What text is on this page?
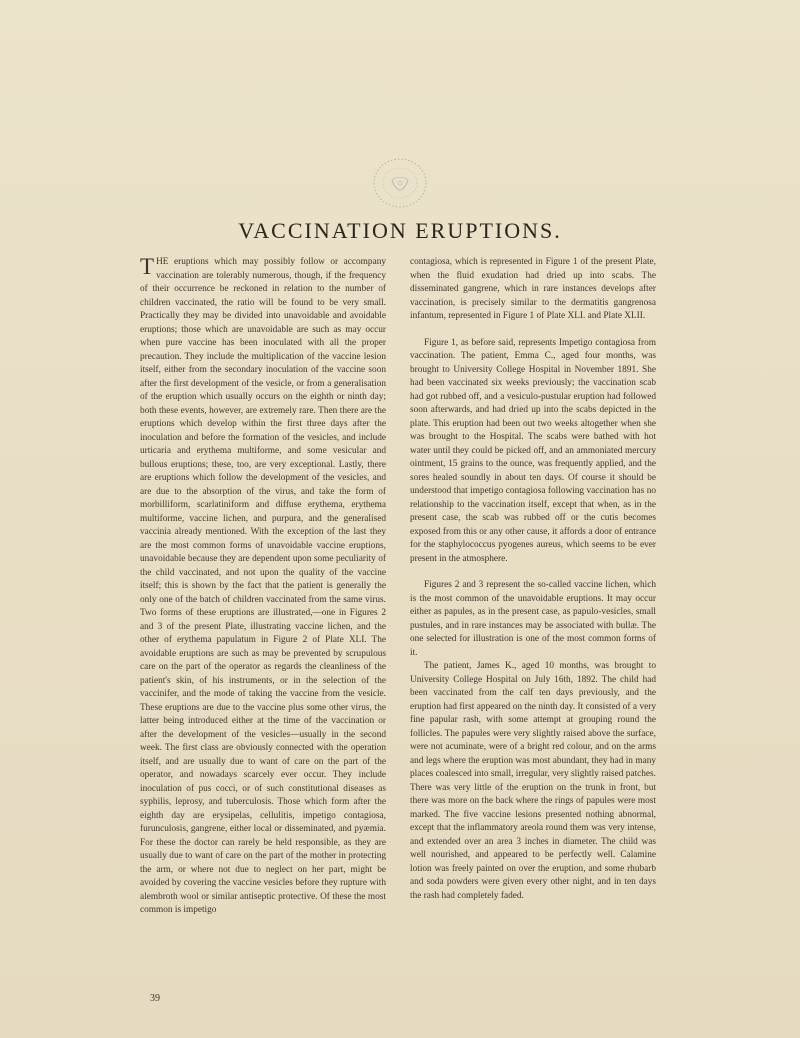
VACCINATION ERUPTIONS.

THE eruptions which may possibly follow or accompany vaccination are tolerably numerous, though, if the frequency of their occurrence be reckoned in relation to the number of children vaccinated, the ratio will be found to be very small. Practically they may be divided into unavoidable and avoidable eruptions; those which are unavoidable are such as may occur when pure vaccine has been inoculated with all the proper precaution. They include the multiplication of the vaccine lesion itself, either from the secondary inoculation of the vaccine soon after the first development of the vesicle, or from a generalisation of the eruption which usually occurs on the eighth or ninth day; both these events, however, are extremely rare. Then there are the eruptions which develop within the first three days after the inoculation and before the formation of the vesicles, and include urticaria and erythema multiforme, and some vesicular and bullous eruptions; these, too, are very exceptional. Lastly, there are eruptions which follow the development of the vesicles, and are due to the absorption of the virus, and take the form of morbilliform, scarlatiniform and diffuse erythema, erythema multiforme, vaccine lichen, and purpura, and the generalised vaccinia already mentioned. With the exception of the last they are the most common forms of unavoidable vaccine eruptions, unavoidable because they are dependent upon some peculiarity of the child vaccinated, and not upon the quality of the vaccine itself; this is shown by the fact that the patient is generally the only one of the batch of children vaccinated from the same virus. Two forms of these eruptions are illustrated,—one in Figures 2 and 3 of the present Plate, illustrating vaccine lichen, and the other of erythema papulatum in Figure 2 of Plate XLI. The avoidable eruptions are such as may be prevented by scrupulous care on the part of the operator as regards the cleanliness of the patient's skin, of his instruments, or in the selection of the vaccinifer, and the mode of taking the vaccine from the vesicle. These eruptions are due to the vaccine plus some other virus, the latter being introduced either at the time of the vaccination or after the development of the vesicles—usually in the second week. The first class are obviously connected with the operation itself, and are usually due to want of care on the part of the operator, and nowadays scarcely ever occur. They include inoculation of pus cocci, or of such constitutional diseases as syphilis, leprosy, and tuberculosis. Those which form after the eighth day are erysipelas, cellulitis, impetigo contagiosa, furunculosis, gangrene, either local or disseminated, and pyæmia. For these the doctor can rarely be held responsible, as they are usually due to want of care on the part of the mother in protecting the arm, or where not due to neglect on her part, might be avoided by covering the vaccine vesicles before they rupture with alembroth wool or similar antiseptic protective. Of these the most common is impetigo

contagiosa, which is represented in Figure 1 of the present Plate, when the fluid exudation had dried up into scabs. The disseminated gangrene, which in rare instances develops after vaccination, is precisely similar to the dermatitis gangrenosa infantum, represented in Figure 1 of Plate XLI. and Plate XLII.

Figure 1, as before said, represents Impetigo contagiosa from vaccination. The patient, Emma C., aged four months, was brought to University College Hospital in November 1891. She had been vaccinated six weeks previously; the vaccination scab had got rubbed off, and a vesiculo-pustular eruption had followed soon afterwards, and had dried up into the scabs depicted in the plate. This eruption had been out two weeks altogether when she was brought to the Hospital. The scabs were bathed with hot water until they could be picked off, and an ammoniated mercury ointment, 15 grains to the ounce, was frequently applied, and the sores healed soundly in about ten days. Of course it should be understood that impetigo contagiosa following vaccination has no relationship to the vaccination itself, except that when, as in the present case, the scab was rubbed off or the cutis becomes exposed from this or any other cause, it affords a door of entrance for the staphylococcus pyogenes aureus, which seems to be ever present in the atmosphere.

Figures 2 and 3 represent the so-called vaccine lichen, which is the most common of the unavoidable eruptions. It may occur either as papules, as in the present case, as papulo-vesicles, small pustules, and in rare instances may be associated with bullæ. The one selected for illustration is one of the most common forms of it.

The patient, James K., aged 10 months, was brought to University College Hospital on July 16th, 1892. The child had been vaccinated from the calf ten days previously, and the eruption had first appeared on the ninth day. It consisted of a very fine papular rash, with some attempt at grouping round the follicles. The papules were very slightly raised above the surface, were not acuminate, were of a bright red colour, and on the arms and legs where the eruption was most abundant, they had in many places coalesced into small, irregular, very slightly raised patches. There was very little of the eruption on the trunk in front, but there was more on the back where the rings of papules were most marked. The five vaccine lesions presented nothing abnormal, except that the inflammatory areola round them was very intense, and extended over an area 3 inches in diameter. The child was well nourished, and appeared to be perfectly well. Calamine lotion was freely painted on over the eruption, and some rhubarb and soda powders were given every other night, and in ten days the rash had completely faded.

39
